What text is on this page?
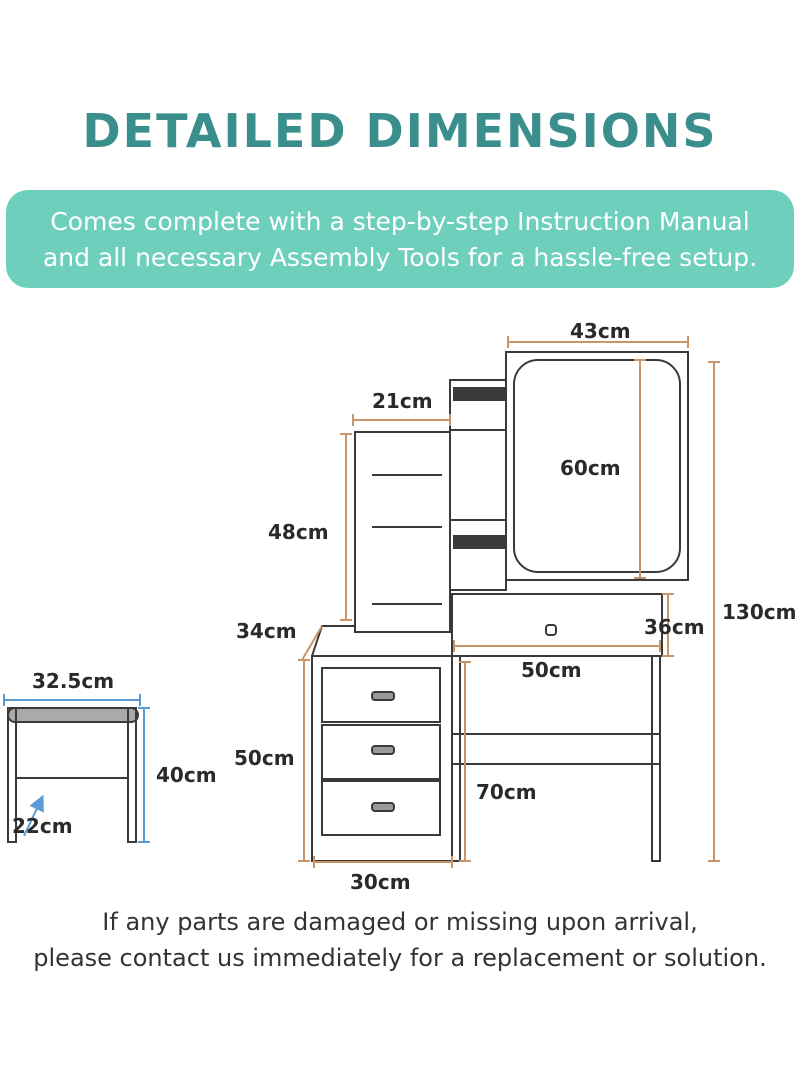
DETAILED DIMENSIONS
Comes complete with a step-by-step Instruction Manual
and all necessary Assembly Tools for a hassle-free setup.
43cm
60cm
21cm
48cm
34cm	36cm
130cm
50cm
50cm
70cm
30cm
32.5cm
40cm
22cm
If any parts are damaged or missing upon arrival,
please contact us immediately for a replacement or solution.
